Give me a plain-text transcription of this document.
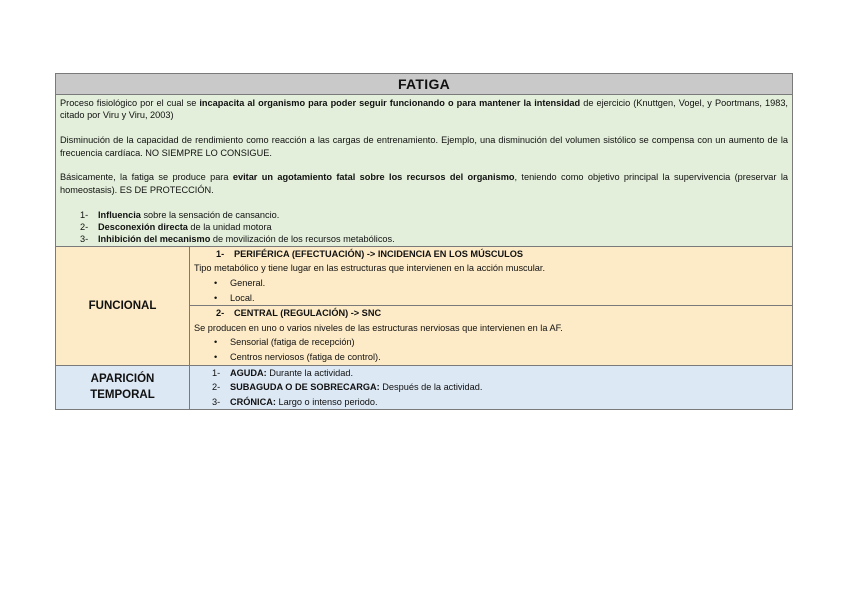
FATIGA

Proceso fisiológico por el cual se incapacita al organismo para poder seguir funcionando o para mantener la intensidad de ejercicio (Knuttgen, Vogel, y Poortmans, 1983, citado por Viru y Viru, 2003)

Disminución de la capacidad de rendimiento como reacción a las cargas de entrenamiento. Ejemplo, una disminución del volumen sistólico se compensa con un aumento de la frecuencia cardíaca. NO SIEMPRE LO CONSIGUE.

Básicamente, la fatiga se produce para evitar un agotamiento fatal sobre los recursos del organismo, teniendo como objetivo principal la supervivencia (preservar la homeostasis). ES DE PROTECCIÓN.

1- Influencia sobre la sensación de cansancio.
2- Desconexión directa de la unidad motora
3- Inhibición del mecanismo de movilización de los recursos metabólicos.
FUNCIONAL
1- PERIFÉRICA (EFECTUACIÓN) -> INCIDENCIA EN LOS MÚSCULOS
Tipo metabólico y tiene lugar en las estructuras que intervienen en la acción muscular.
• General.
• Local.
2- CENTRAL (REGULACIÓN) -> SNC
Se producen en uno o varios niveles de las estructuras nerviosas que intervienen en la AF.
• Sensorial (fatiga de recepción)
• Centros nerviosos (fatiga de control).
APARICIÓN
TEMPORAL
1- AGUDA: Durante la actividad.
2- SUBAGUDA O DE SOBRECARGA: Después de la actividad.
3- CRÓNICA: Largo o intenso periodo.
